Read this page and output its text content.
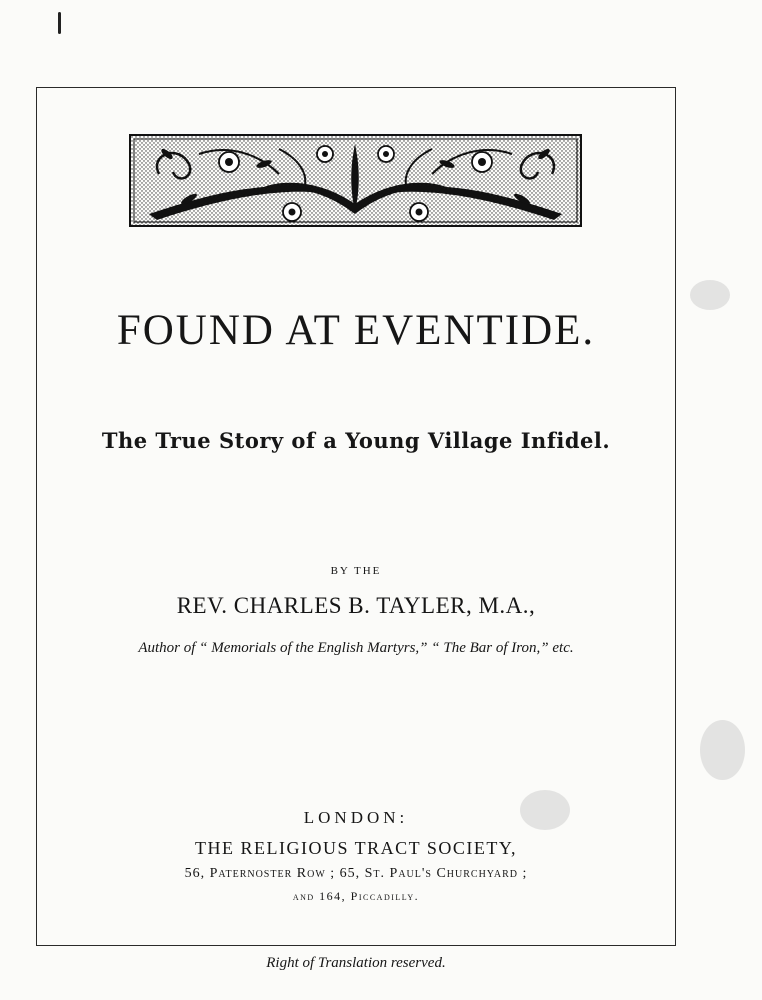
FOUND AT EVENTIDE.
The True Story of a Young Village Infidel.
BY THE
REV. CHARLES B. TAYLER, M.A.,
Author of “ Memorials of the English Martyrs,” “ The Bar of Iron,” etc.
LONDON:
THE RELIGIOUS TRACT SOCIETY,
56, Paternoster Row ; 65, St. Paul's Churchyard ;
and 164, Piccadilly.
Right of Translation reserved.
